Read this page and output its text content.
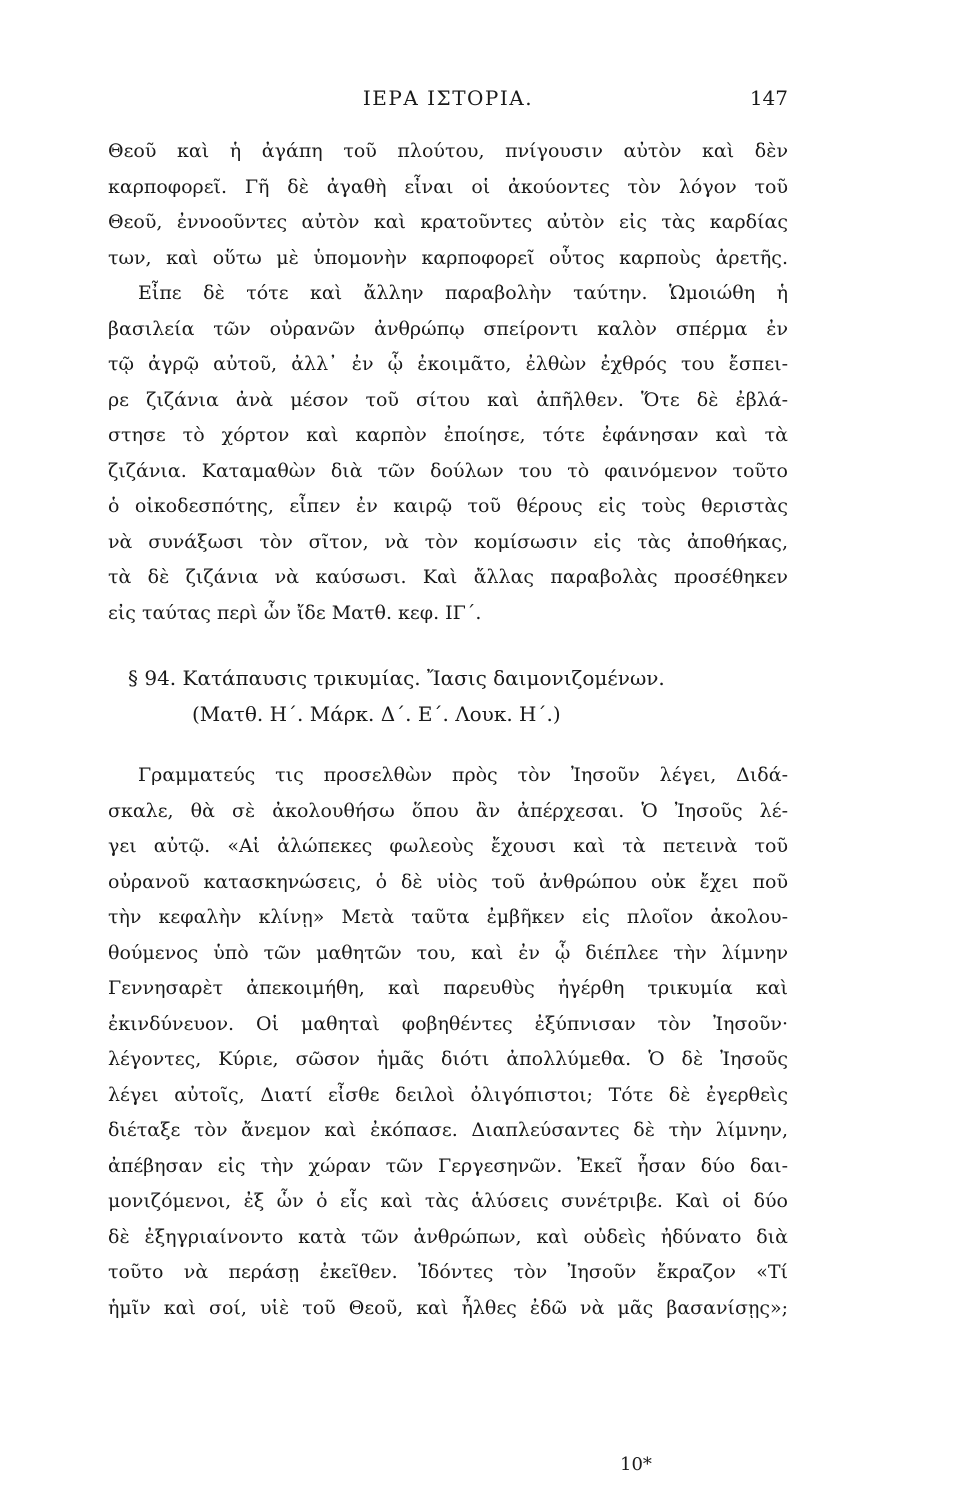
ΙΕΡΑ ΙΣΤΟΡΙΑ.	147
Θεοῦ καὶ ἡ ἀγάπη τοῦ πλούτου, πνίγουσιν αὐτὸν καὶ δὲν
καρποφορεῖ. Γῆ δὲ ἀγαθὴ εἶναι οἱ ἀκούοντες τὸν λόγον τοῦ
Θεοῦ, ἐννοοῦντες αὐτὸν καὶ κρατοῦντες αὐτὸν εἰς τὰς καρδίας
των, καὶ οὕτω μὲ ὑπομονὴν καρποφορεῖ οὗτος καρποὺς ἀρετῆς.
Εἶπε δὲ τότε καὶ ἄλλην παραβολὴν ταύτην. Ὡμοιώθη ἡ
βασιλεία τῶν οὐρανῶν ἀνθρώπῳ σπείροντι καλὸν σπέρμα ἐν
τῷ ἀγρῷ αὐτοῦ, ἀλλ᾽ ἐν ᾧ ἐκοιμᾶτο, ἐλθὼν ἐχθρός του ἔσπει-
ρε ζιζάνια ἀνὰ μέσον τοῦ σίτου καὶ ἀπῆλθεν. Ὅτε δὲ ἐβλά-
στησε τὸ χόρτον καὶ καρπὸν ἐποίησε, τότε ἐφάνησαν καὶ τὰ
ζιζάνια. Καταμαθὼν διὰ τῶν δούλων του τὸ φαινόμενον τοῦτο
ὁ οἰκοδεσπότης, εἶπεν ἐν καιρῷ τοῦ θέρους εἰς τοὺς θεριστὰς
νὰ συνάξωσι τὸν σῖτον, νὰ τὸν κομίσωσιν εἰς τὰς ἀποθήκας,
τὰ δὲ ζιζάνια νὰ καύσωσι. Καὶ ἄλλας παραβολὰς προσέθηκεν
εἰς ταύτας περὶ ὧν ἴδε Ματθ. κεφ. ΙΓ΄.
§ 94. Κατάπαυσις τρικυμίας. Ἴασις δαιμονιζομένων.
(Ματθ. Η΄. Μάρκ. Δ΄. Ε΄. Λουκ. Η΄.)
Γραμματεύς τις προσελθὼν πρὸς τὸν Ἰησοῦν λέγει, Διδά-
σκαλε, θὰ σὲ ἀκολουθήσω ὅπου ἂν ἀπέρχεσαι. Ὁ Ἰησοῦς λέ-
γει αὐτῷ. «Αἱ ἀλώπεκες φωλεοὺς ἔχουσι καὶ τὰ πετεινὰ τοῦ
οὐρανοῦ κατασκηνώσεις, ὁ δὲ υἱὸς τοῦ ἀνθρώπου οὐκ ἔχει ποῦ
τὴν κεφαλὴν κλίνῃ» Μετὰ ταῦτα ἐμβῆκεν εἰς πλοῖον ἀκολου-
θούμενος ὑπὸ τῶν μαθητῶν του, καὶ ἐν ᾧ διέπλεε τὴν λίμνην
Γεννησαρὲτ ἀπεκοιμήθη, καὶ παρευθὺς ἠγέρθη τρικυμία καὶ
ἐκινδύνευον. Οἱ μαθηταὶ φοβηθέντες ἐξύπνισαν τὸν Ἰησοῦν·
λέγοντες, Κύριε, σῶσον ἡμᾶς διότι ἀπολλύμεθα. Ὁ δὲ Ἰησοῦς
λέγει αὐτοῖς, Διατί εἶσθε δειλοὶ ὀλιγόπιστοι; Τότε δὲ ἐγερθεὶς
διέταξε τὸν ἄνεμον καὶ ἐκόπασε. Διαπλεύσαντες δὲ τὴν λίμνην,
ἀπέβησαν εἰς τὴν χώραν τῶν Γεργεσηνῶν. Ἐκεῖ ἦσαν δύο δαι-
μονιζόμενοι, ἐξ ὧν ὁ εἷς καὶ τὰς ἁλύσεις συνέτριβε. Καὶ οἱ δύο
δὲ ἐξηγριαίνοντο κατὰ τῶν ἀνθρώπων, καὶ οὐδεὶς ἠδύνατο διὰ
τοῦτο νὰ περάσῃ ἐκεῖθεν. Ἰδόντες τὸν Ἰησοῦν ἔκραζον «Τί
ἡμῖν καὶ σοί, υἱὲ τοῦ Θεοῦ, καὶ ἦλθες ἐδῶ νὰ μᾶς βασανίσῃς»;
10*
